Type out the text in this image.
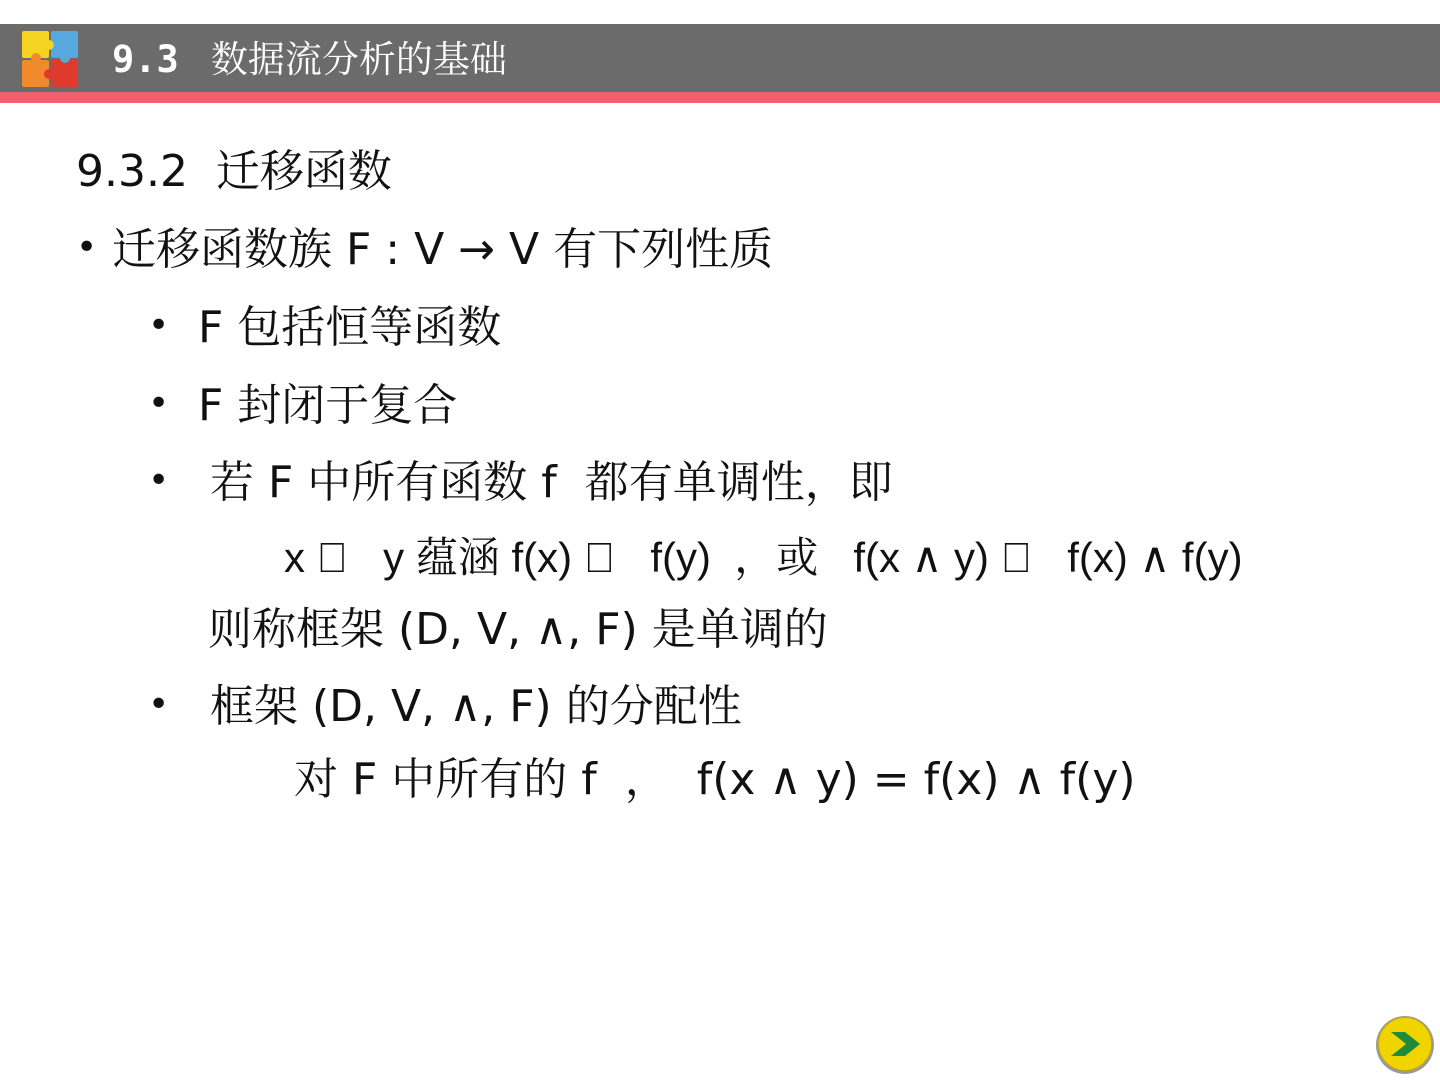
9.3 数据流分析的基础
9.3.2  迁移函数
• 迁移函数族 F : V → V 有下列性质
• F 包括恒等函数
• F 封闭于复合
• 若 F 中所有函数 f  都有单调性，即
x     y 蕴涵 f(x)     f(y)  ，或   f(x ∧ y)     f(x) ∧ f(y)
则称框架 (D, V, ∧, F) 是单调的
• 框架 (D, V, ∧, F) 的分配性
对 F 中所有的 f  ，  f(x ∧ y) = f(x) ∧ f(y)
